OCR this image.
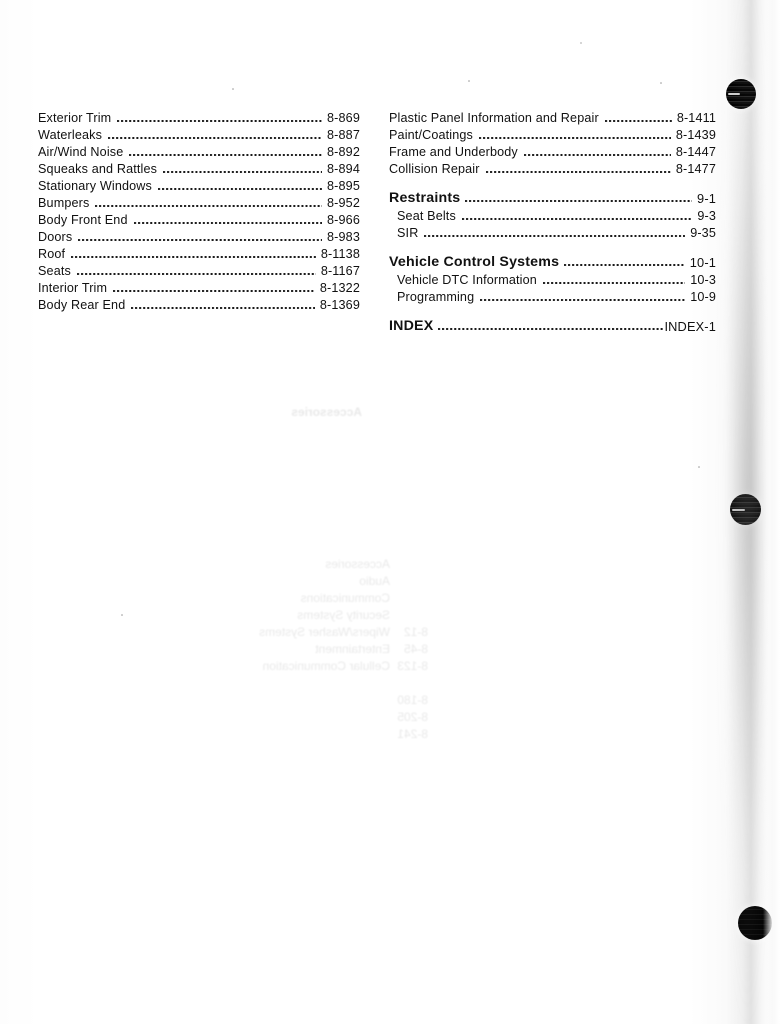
Exterior Trim	8-869
Waterleaks	8-887
Air/Wind Noise	8-892
Squeaks and Rattles	8-894
Stationary Windows	8-895
Bumpers	8-952
Body Front End	8-966
Doors	8-983
Roof	8-1138
Seats	8-1167
Interior Trim	8-1322
Body Rear End	8-1369
Plastic Panel Information and Repair	8-1411
Paint/Coatings	8-1439
Frame and Underbody	8-1447
Collision Repair	8-1477
Restraints	9-1
Seat Belts	9-3
SIR	9-35
Vehicle Control Systems	10-1
Vehicle DTC Information	10-3
Programming	10-9
INDEX	INDEX-1
